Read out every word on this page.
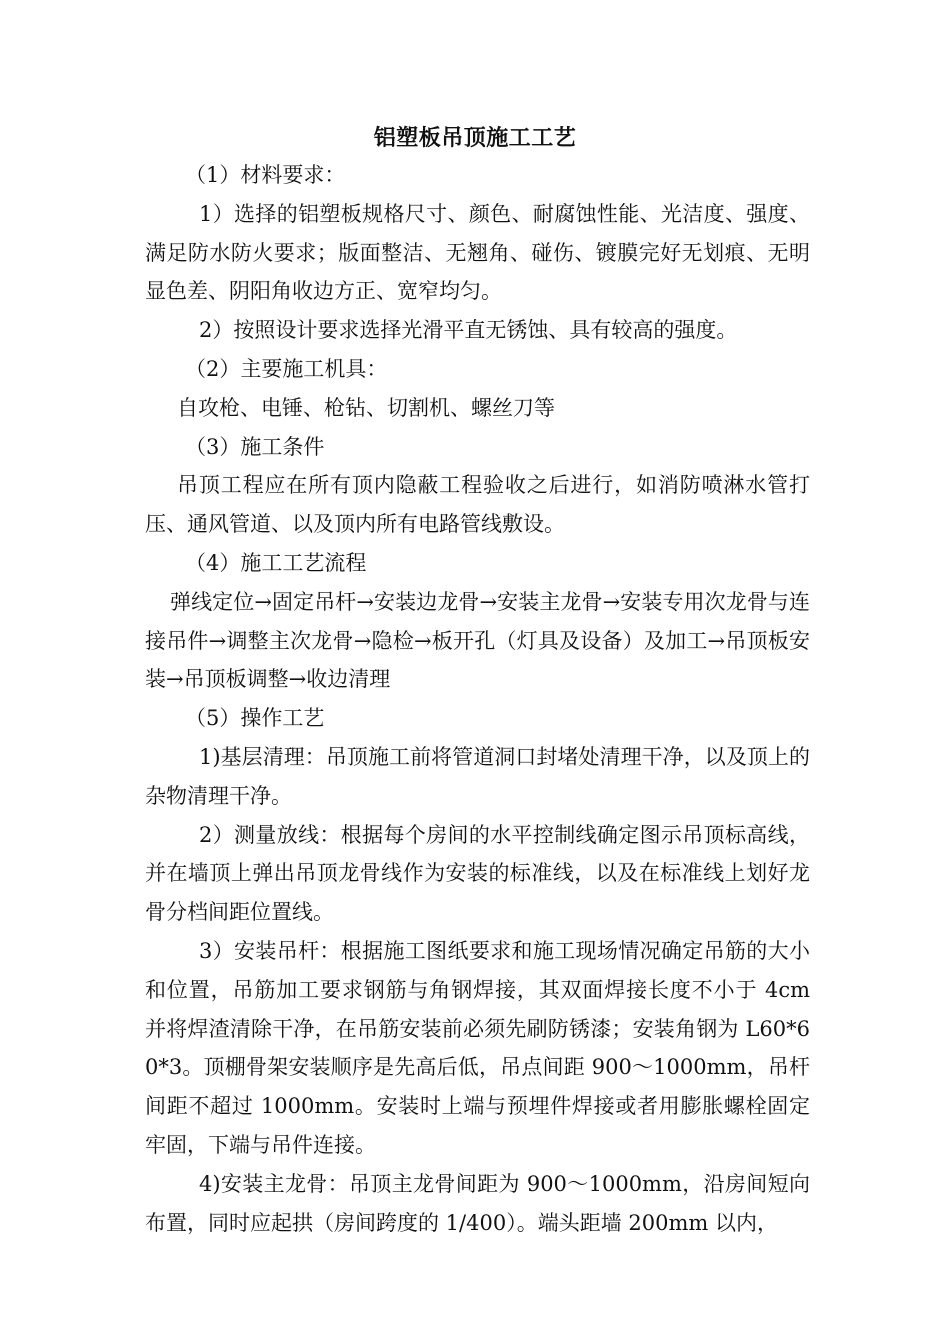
铝塑板吊顶施工工艺

（1）材料要求：

1）选择的铝塑板规格尺寸、颜色、耐腐蚀性能、光洁度、强度、满足防水防火要求；版面整洁、无翘角、碰伤、镀膜完好无划痕、无明显色差、阴阳角收边方正、宽窄均匀。

2）按照设计要求选择光滑平直无锈蚀、具有较高的强度。

（2）主要施工机具：

自攻枪、电锤、枪钻、切割机、螺丝刀等

（3）施工条件

吊顶工程应在所有顶内隐蔽工程验收之后进行，如消防喷淋水管打压、通风管道、以及顶内所有电路管线敷设。

（4）施工工艺流程

弹线定位→固定吊杆→安装边龙骨→安装主龙骨→安装专用次龙骨与连接吊件→调整主次龙骨→隐检→板开孔（灯具及设备）及加工→吊顶板安装→吊顶板调整→收边清理

（5）操作工艺

1)基层清理：吊顶施工前将管道洞口封堵处清理干净，以及顶上的杂物清理干净。

2）测量放线：根据每个房间的水平控制线确定图示吊顶标高线，并在墙顶上弹出吊顶龙骨线作为安装的标准线，以及在标准线上划好龙骨分档间距位置线。

3）安装吊杆：根据施工图纸要求和施工现场情况确定吊筋的大小和位置，吊筋加工要求钢筋与角钢焊接，其双面焊接长度不小于 4cm 并将焊渣清除干净，在吊筋安装前必须先刷防锈漆；安装角钢为 L60*60*3。顶棚骨架安装顺序是先高后低，吊点间距 900～1000mm，吊杆间距不超过 1000mm。安装时上端与预埋件焊接或者用膨胀螺栓固定牢固，下端与吊件连接。

4)安装主龙骨：吊顶主龙骨间距为 900～1000mm，沿房间短向布置，同时应起拱（房间跨度的 1/400）。端头距墙 200mm 以内，
